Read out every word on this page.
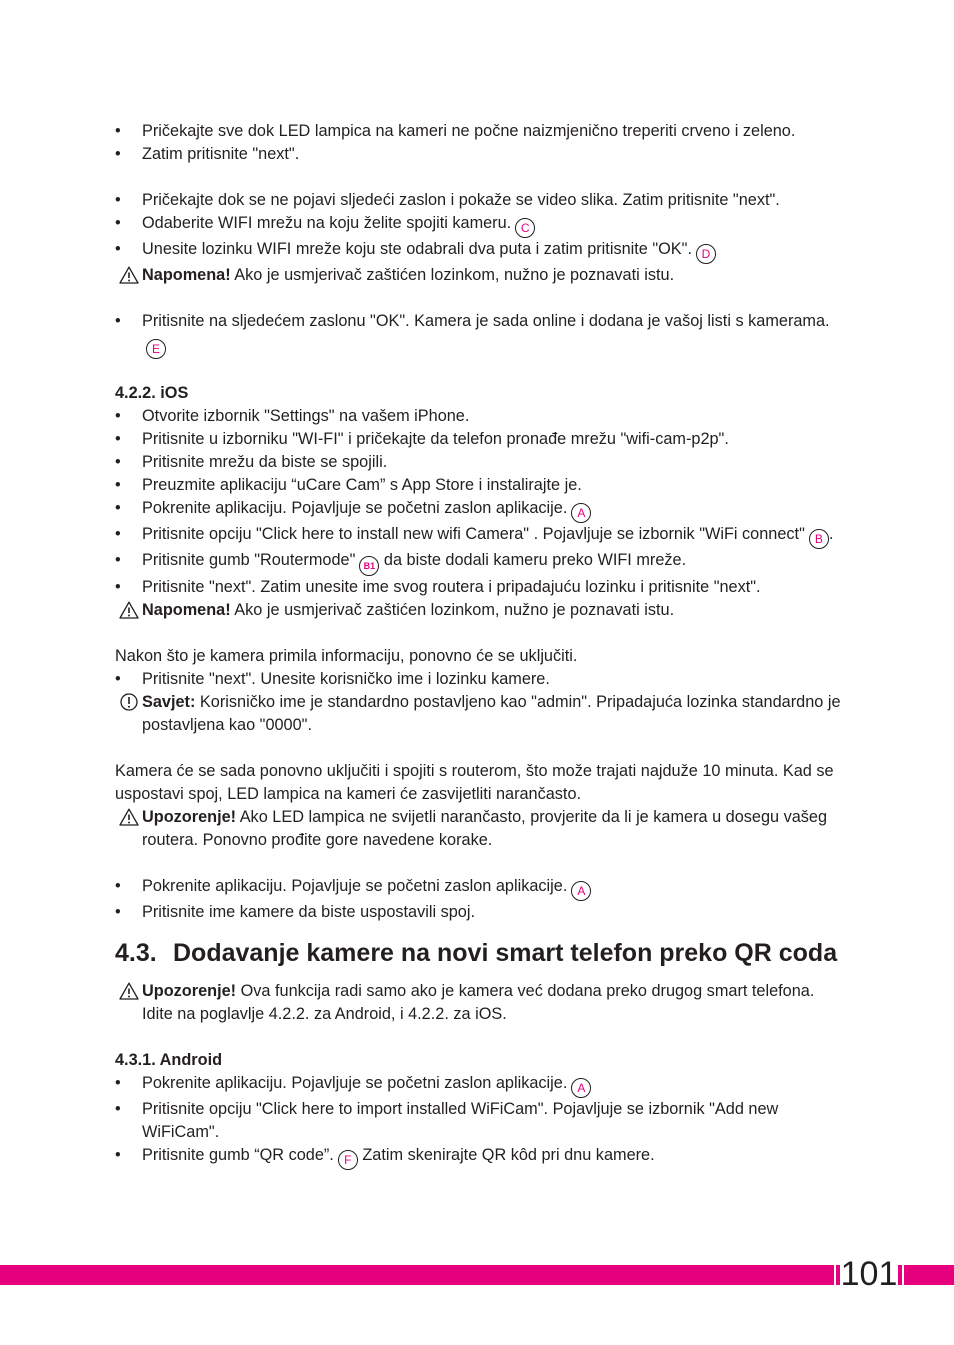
• Pričekajte sve dok LED lampica na kameri ne počne naizmjenično treperiti crveno i zeleno.
• Zatim pritisnite "next".
• Pričekajte dok se ne pojavi sljedeći zaslon i pokaže se video slika. Zatim pritisnite "next".
• Odaberite WIFI mrežu na koju želite spojiti kameru. C
• Unesite lozinku WIFI mreže koju ste odabrali dva puta i zatim pritisnite "OK". D
Napomena! Ako je usmjerivač zaštićen lozinkom, nužno je poznavati istu.
• Pritisnite na sljedećem zaslonu "OK". Kamera je sada online i dodana je vašoj listi s kamerama.E
4.2.2. iOS
• Otvorite izbornik "Settings" na vašem iPhone.
• Pritisnite u izborniku "WI-FI" i pričekajte da telefon pronađe mrežu "wifi-cam-p2p".
• Pritisnite mrežu da biste se spojili.
• Preuzmite aplikaciju “uCare Cam” s App Store i instalirajte je.
• Pokrenite aplikaciju. Pojavljuje se početni zaslon aplikacije. A
• Pritisnite opciju "Click here to install new wifi Camera" . Pojavljuje se izbornik "WiFi connect" B .
• Pritisnite gumb "Routermode" B1 da biste dodali kameru preko WIFI mreže.
• Pritisnite "next". Zatim unesite ime svog routera i pripadajuću lozinku i pritisnite "next".
Napomena! Ako je usmjerivač zaštićen lozinkom, nužno je poznavati istu.
Nakon što je kamera primila informaciju, ponovno će se uključiti.
• Pritisnite "next". Unesite korisničko ime i lozinku kamere.
Savjet: Korisničko ime je standardno postavljeno kao "admin". Pripadajuća lozinka standardno je postavljena kao "0000".
Kamera će se sada ponovno uključiti i spojiti s routerom, što može trajati najduže 10 minuta. Kad se uspostavi spoj, LED lampica na kameri će zasvijetliti narančasto.
Upozorenje! Ako LED lampica ne svijetli narančasto, provjerite da li je kamera u dosegu vašeg routera. Ponovno prođite gore navedene korake.
• Pokrenite aplikaciju. Pojavljuje se početni zaslon aplikacije. A
• Pritisnite ime kamere da biste uspostavili spoj.
4.3. Dodavanje kamere na novi smart telefon preko QR coda
Upozorenje! Ova funkcija radi samo ako je kamera već dodana preko drugog smart telefona. Idite na poglavlje 4.2.2. za Android, i 4.2.2. za iOS.
4.3.1. Android
• Pokrenite aplikaciju. Pojavljuje se početni zaslon aplikacije. A
• Pritisnite opciju "Click here to import installed WiFiCam". Pojavljuje se izbornik "Add new WiFiCam".
• Pritisnite gumb “QR code”. F Zatim skenirajte QR kôd pri dnu kamere.
101
